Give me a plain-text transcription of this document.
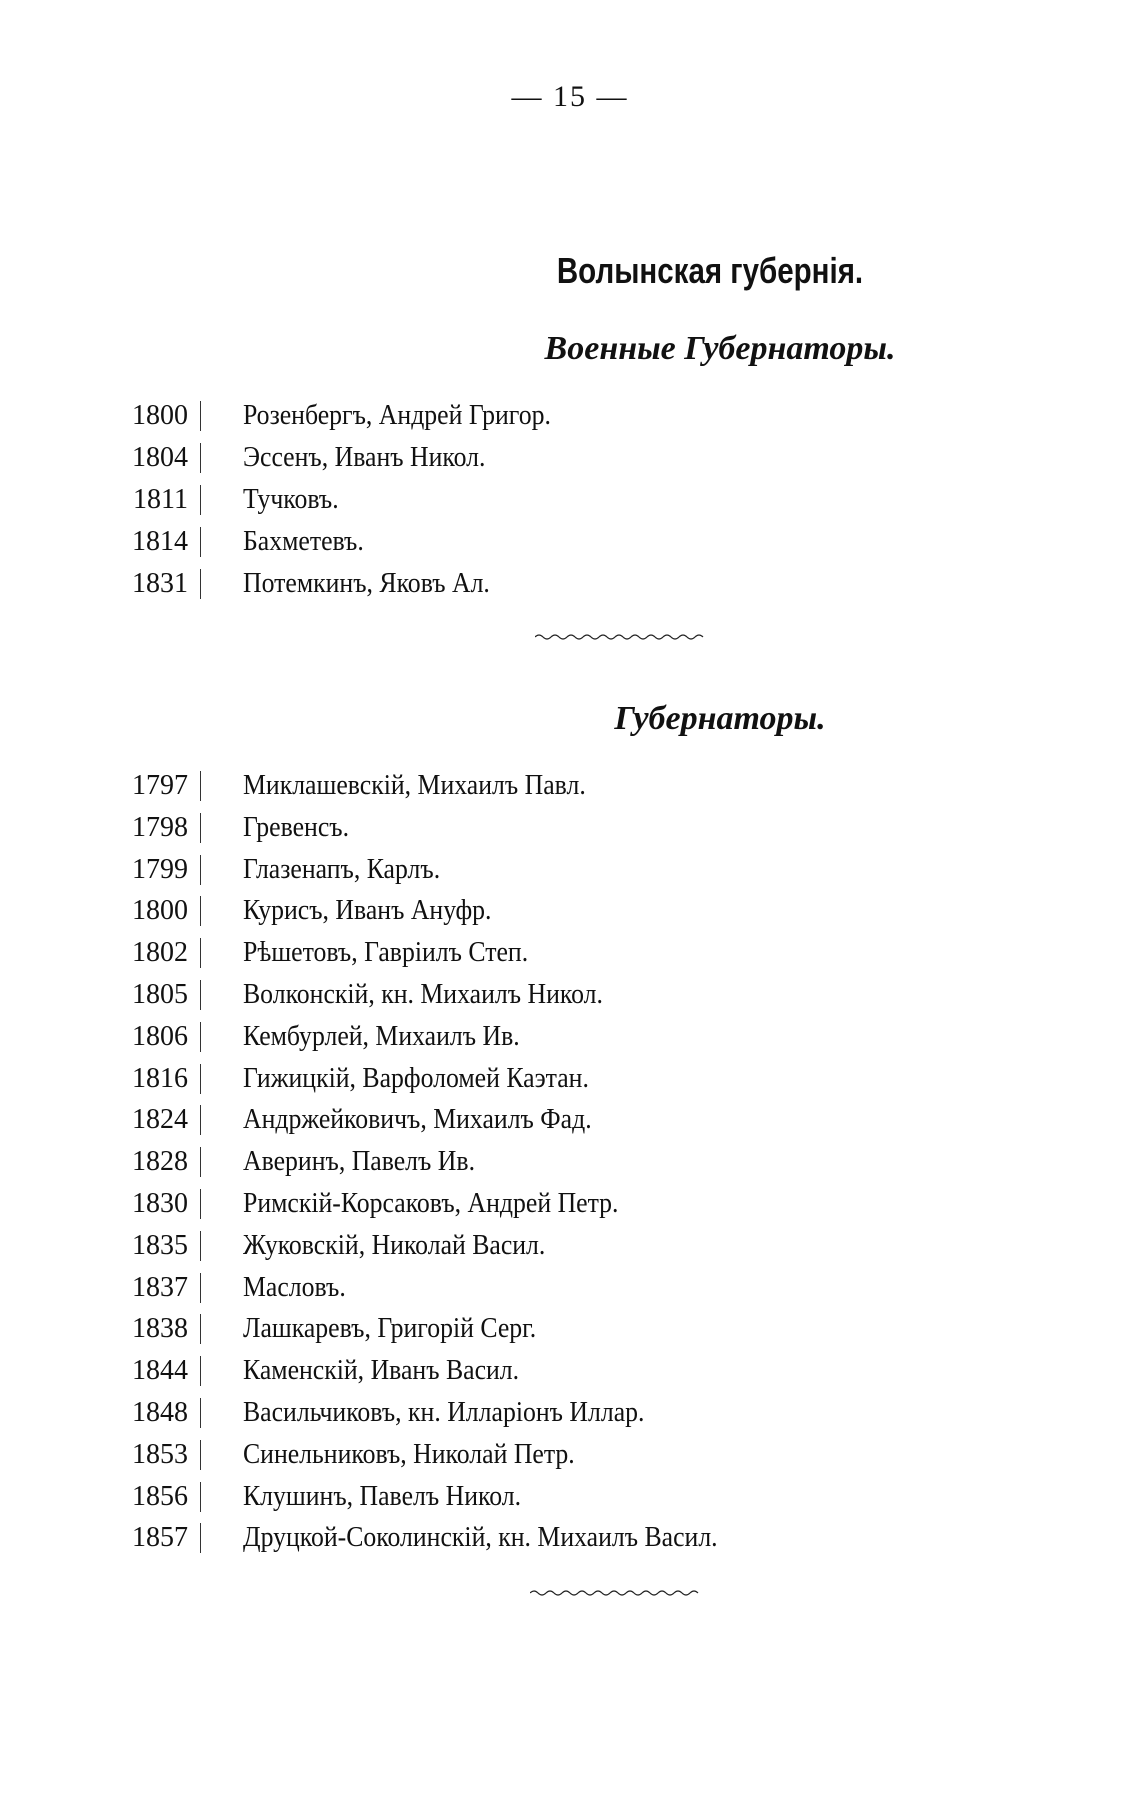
— 15 —
Волынская губернія.
Военные Губернаторы.
1800 Розенбергъ, Андрей Григор.
1804 Эссенъ, Иванъ Никол.
1811 Тучковъ.
1814 Бахметевъ.
1831 Потемкинъ, Яковъ Ал.
Губернаторы.
1797 Миклашевскій, Михаилъ Павл.
1798 Гревенсъ.
1799 Глазенапъ, Карлъ.
1800 Курисъ, Иванъ Ануфр.
1802 Рѣшетовъ, Гавріилъ Степ.
1805 Волконскій, кн. Михаилъ Никол.
1806 Кембурлей, Михаилъ Ив.
1816 Гижицкій, Варфоломей Каэтан.
1824 Андржейковичъ, Михаилъ Фад.
1828 Аверинъ, Павелъ Ив.
1830 Римскій-Корсаковъ, Андрей Петр.
1835 Жуковскій, Николай Васил.
1837 Масловъ.
1838 Лашкаревъ, Григорій Серг.
1844 Каменскій, Иванъ Васил.
1848 Васильчиковъ, кн. Илларіонъ Иллар.
1853 Синельниковъ, Николай Петр.
1856 Клушинъ, Павелъ Никол.
1857 Друцкой-Соколинскій, кн. Михаилъ Васил.
